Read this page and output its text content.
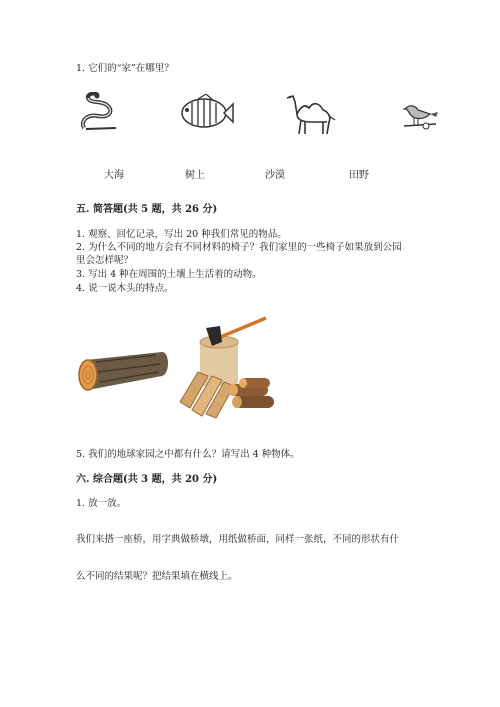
1. 它们的“家”在哪里？
大海	树上	沙漠	田野
五. 简答题(共 5 题，共 26 分)
1. 观察、回忆记录，写出 20 种我们常见的物品。
2. 为什么不同的地方会有不同材料的椅子？我们家里的一些椅子如果放到公园
里会怎样呢？
3. 写出 4 种在周围的土壤上生活着的动物。
4. 说一说木头的特点。
5. 我们的地球家园之中都有什么？请写出 4 种物体。
六. 综合题(共 3 题，共 20 分)
1. 放一放。
我们来搭一座桥，用字典做桥墩，用纸做桥面，同样一张纸，不同的形状有什
么不同的结果呢？把结果填在横线上。
